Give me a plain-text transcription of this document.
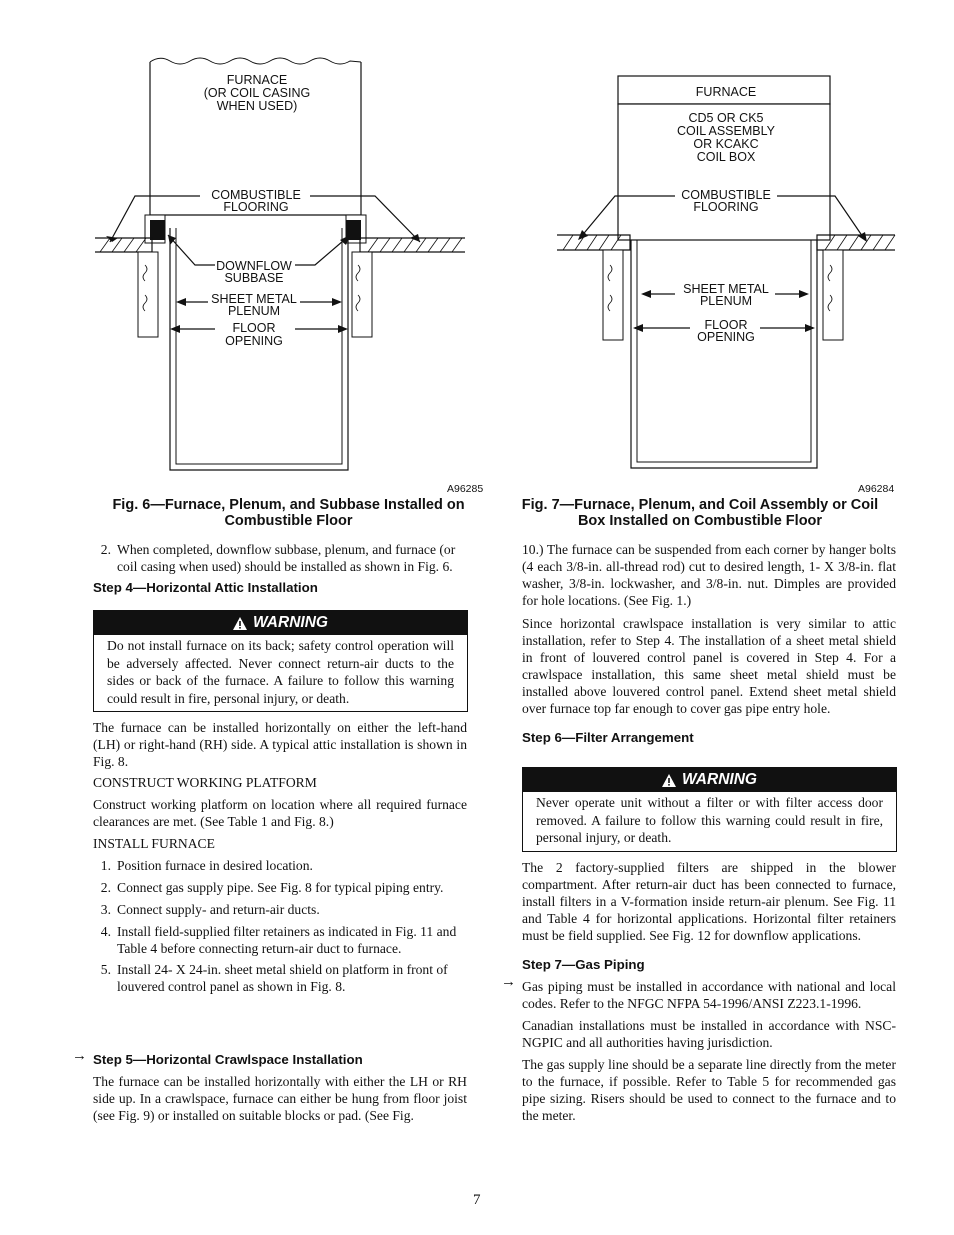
FURNACE
(OR COIL CASING
WHEN USED)
COMBUSTIBLE
FLOORING
DOWNFLOW
SUBBASE
SHEET METAL
PLENUM
FLOOR
OPENING
A96285
Fig. 6—Furnace, Plenum, and Subbase Installed on
Combustible Floor
FURNACE
CD5 OR CK5
COIL ASSEMBLY
OR KCAKC
COIL BOX
COMBUSTIBLE
FLOORING
SHEET METAL
PLENUM
FLOOR
OPENING
A96284
Fig. 7—Furnace, Plenum, and Coil Assembly or Coil
Box Installed on Combustible Floor
2. When completed, downflow subbase, plenum, and furnace (or coil casing when used) should be installed as shown in Fig. 6.
Step 4—Horizontal Attic Installation
WARNING
Do not install furnace on its back; safety control operation will be adversely affected. Never connect return-air ducts to the sides or back of the furnace. A failure to follow this warning could result in fire, personal injury, or death.
The furnace can be installed horizontally on either the left-hand (LH) or right-hand (RH) side. A typical attic installation is shown in Fig. 8.
CONSTRUCT WORKING PLATFORM
Construct working platform on location where all required furnace clearances are met. (See Table 1 and Fig. 8.)
INSTALL FURNACE
1. Position furnace in desired location.
2. Connect gas supply pipe. See Fig. 8 for typical piping entry.
3. Connect supply- and return-air ducts.
4. Install field-supplied filter retainers as indicated in Fig. 11 and Table 4 before connecting return-air duct to furnace.
5. Install 24- X 24-in. sheet metal shield on platform in front of louvered control panel as shown in Fig. 8.
→ Step 5—Horizontal Crawlspace Installation
The furnace can be installed horizontally with either the LH or RH side up. In a crawlspace, furnace can either be hung from floor joist (see Fig. 9) or installed on suitable blocks or pad. (See Fig.
10.) The furnace can be suspended from each corner by hanger bolts (4 each 3/8-in. all-thread rod) cut to desired length, 1- X 3/8-in. flat washer, 3/8-in. lockwasher, and 3/8-in. nut. Dimples are provided for hole locations. (See Fig. 1.)
Since horizontal crawlspace installation is very similar to attic installation, refer to Step 4. The installation of a sheet metal shield in front of louvered control panel is covered in Step 4. For a crawlspace installation, this same sheet metal shield must be installed above louvered control panel. Extend sheet metal shield over furnace top far enough to cover gas pipe entry hole.
Step 6—Filter Arrangement
WARNING
Never operate unit without a filter or with filter access door removed. A failure to follow this warning could result in fire, personal injury, or death.
The 2 factory-supplied filters are shipped in the blower compartment. After return-air duct has been connected to furnace, install filters in a V-formation inside return-air plenum. See Fig. 11 and Table 4 for horizontal applications. Horizontal filter retainers must be field supplied. See Fig. 12 for downflow applications.
Step 7—Gas Piping
→ Gas piping must be installed in accordance with national and local codes. Refer to the NFGC NFPA 54-1996/ANSI Z223.1-1996.
Canadian installations must be installed in accordance with NSC-NGPIC and all authorities having jurisdiction.
The gas supply line should be a separate line directly from the meter to the furnace, if possible. Refer to Table 5 for recommended gas pipe sizing. Risers should be used to connect to the furnace and to the meter.
7
